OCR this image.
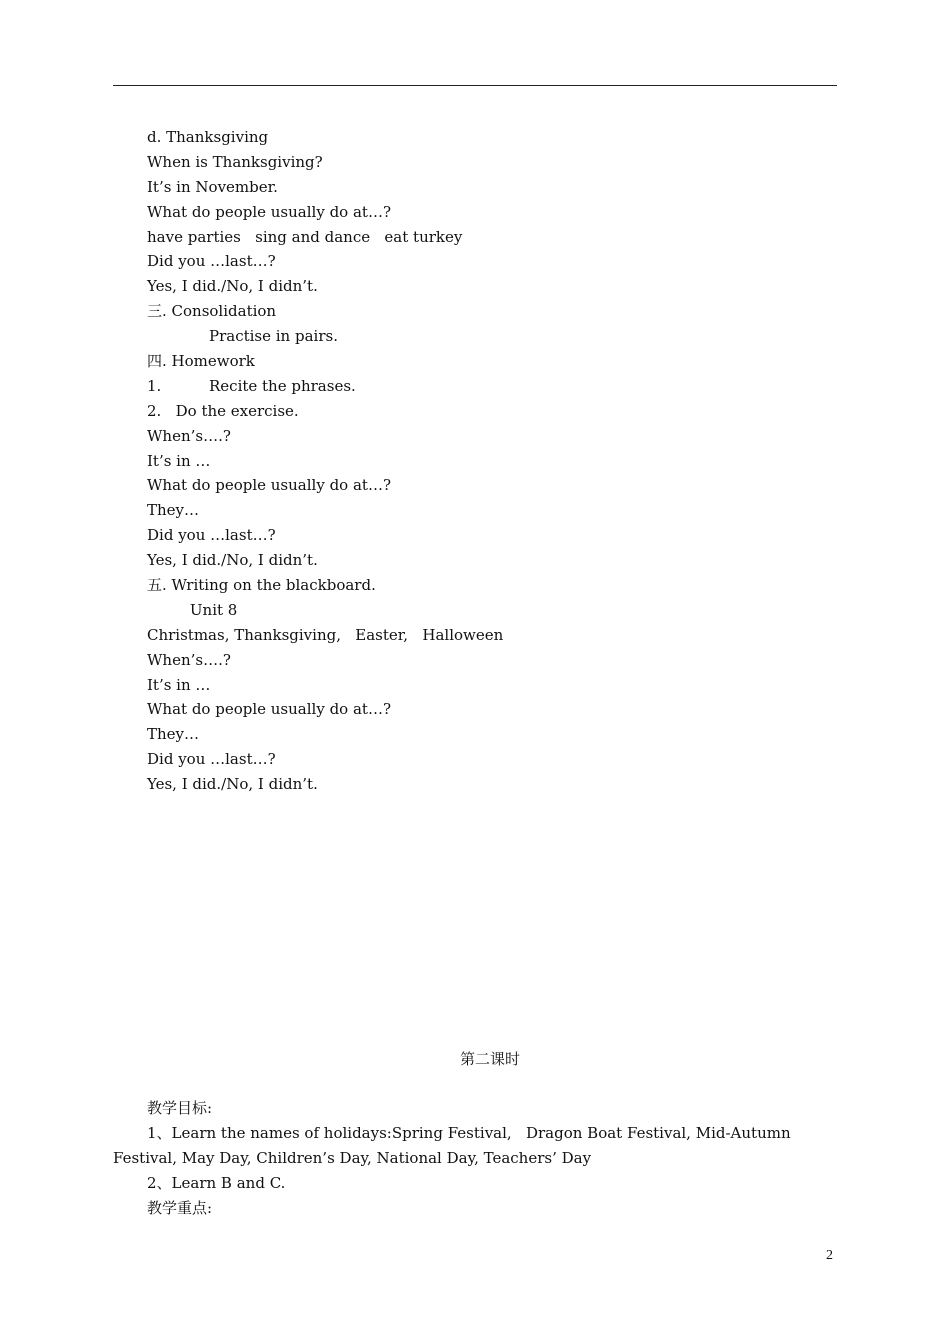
d. Thanksgiving
When is Thanksgiving?
It’s in November.
What do people usually do at…?
have parties   sing and dance   eat turkey
Did you …last…?
Yes, I did./No, I didn’t.
三. Consolidation
Practise in pairs.
四. Homework
1.          Recite the phrases.
2.   Do the exercise.
When’s….?
It’s in …
What do people usually do at…?
They…
Did you …last…?
Yes, I did./No, I didn’t.
五. Writing on the blackboard.
Unit 8
Christmas, Thanksgiving,   Easter,   Halloween
When’s….?
It’s in …
What do people usually do at…?
They…
Did you …last…?
Yes, I did./No, I didn’t.
第二课时
教学目标:
1、Learn the names of holidays:Spring Festival,   Dragon Boat Festival, Mid-Autumn
Festival, May Day, Children’s Day, National Day, Teachers’ Day
2、Learn B and C.
教学重点:
2
